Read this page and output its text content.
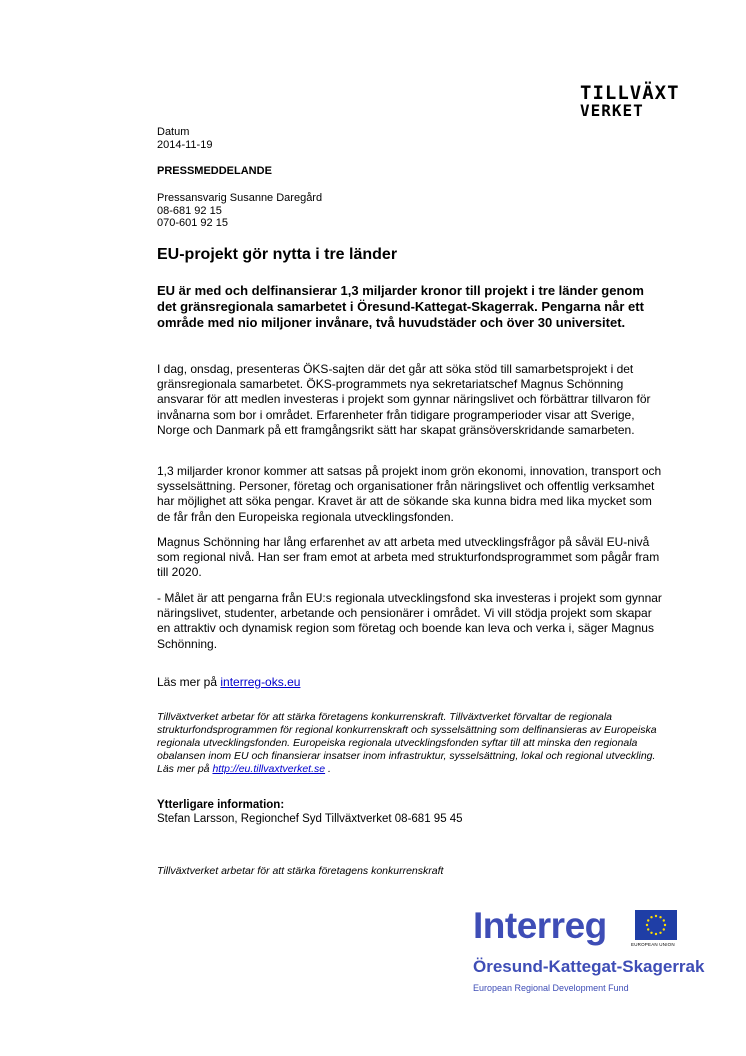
TILLVÄXT
VERKET
Datum
2014-11-19
PRESSMEDDELANDE
Pressansvarig Susanne Daregård
08-681 92 15
070-601 92 15
EU-projekt gör nytta i tre länder
EU är med och delfinansierar 1,3 miljarder kronor till projekt i tre länder genom det gränsregionala samarbetet i Öresund-Kattegat-Skagerrak. Pengarna når ett område med nio miljoner invånare, två huvudstäder och över 30 universitet.
I dag, onsdag, presenteras ÖKS-sajten där det går att söka stöd till samarbetsprojekt i det gränsregionala samarbetet. ÖKS-programmets nya sekretariatschef Magnus Schönning ansvarar för att medlen investeras i projekt som gynnar näringslivet och förbättrar tillvaron för invånarna som bor i området. Erfarenheter från tidigare programperioder visar att Sverige, Norge och Danmark på ett framgångsrikt sätt har skapat gränsöverskridande samarbeten.
1,3 miljarder kronor kommer att satsas på projekt inom grön ekonomi, innovation, transport och sysselsättning. Personer, företag och organisationer från näringslivet och offentlig verksamhet har möjlighet att söka pengar. Kravet är att de sökande ska kunna bidra med lika mycket som de får från den Europeiska regionala utvecklingsfonden.
Magnus Schönning har lång erfarenhet av att arbeta med utvecklingsfrågor på såväl EU-nivå som regional nivå. Han ser fram emot at arbeta med strukturfondsprogrammet som pågår fram till 2020.
- Målet är att pengarna från EU:s regionala utvecklingsfond ska investeras i projekt som gynnar näringslivet, studenter, arbetande och pensionärer i området. Vi vill stödja projekt som skapar en attraktiv och dynamisk region som företag och boende kan leva och verka i, säger Magnus Schönning.
Läs mer på interreg-oks.eu
Tillväxtverket arbetar för att stärka företagens konkurrenskraft. Tillväxtverket förvaltar de regionala strukturfondsprogrammen för regional konkurrenskraft och sysselsättning som delfinansieras av Europeiska regionala utvecklingsfonden. Europeiska regionala utvecklingsfonden syftar till att minska den regionala obalansen inom EU och finansierar insatser inom infrastruktur, sysselsättning, lokal och regional utveckling. Läs mer på http://eu.tillvaxtverket.se .
Ytterligare information:
Stefan Larsson, Regionchef Syd Tillväxtverket 08-681 95 45
Tillväxtverket arbetar för att stärka företagens konkurrenskraft
Interreg	EUROPEAN UNION
Öresund-Kattegat-Skagerrak
European Regional Development Fund
